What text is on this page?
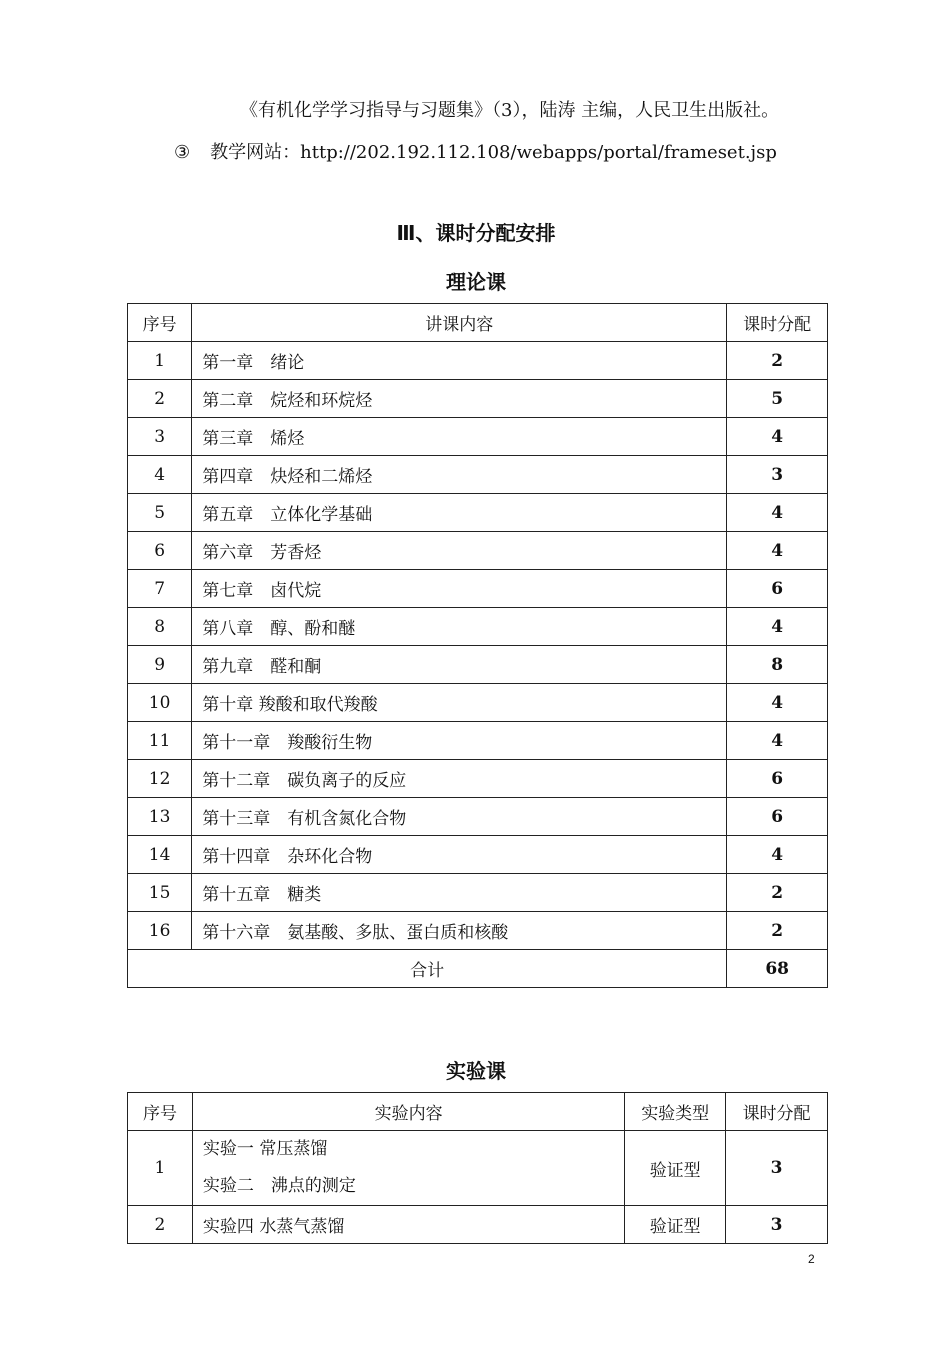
《有机化学学习指导与习题集》（3），陆涛 主编，人民卫生出版社。
③ 教学网站：http://202.192.112.108/webapps/portal/frameset.jsp
Ⅲ、课时分配安排
理论课
序号	讲课内容	课时分配
1	第一章　绪论	2
2	第二章　烷烃和环烷烃	5
3	第三章　烯烃	4
4	第四章　炔烃和二烯烃	3
5	第五章　立体化学基础	4
6	第六章　芳香烃	4
7	第七章　卤代烷	6
8	第八章　醇、酚和醚	4
9	第九章　醛和酮	8
10	第十章 羧酸和取代羧酸	4
11	第十一章　羧酸衍生物	4
12	第十二章　碳负离子的反应	6
13	第十三章　有机含氮化合物	6
14	第十四章　杂环化合物	4
15	第十五章　糖类	2
16	第十六章　氨基酸、多肽、蛋白质和核酸	2
合计		68
实验课
序号	实验内容	实验类型	课时分配
1	实验一 常压蒸馏
实验二　沸点的测定	验证型	3
2	实验四 水蒸气蒸馏	验证型	3
2
